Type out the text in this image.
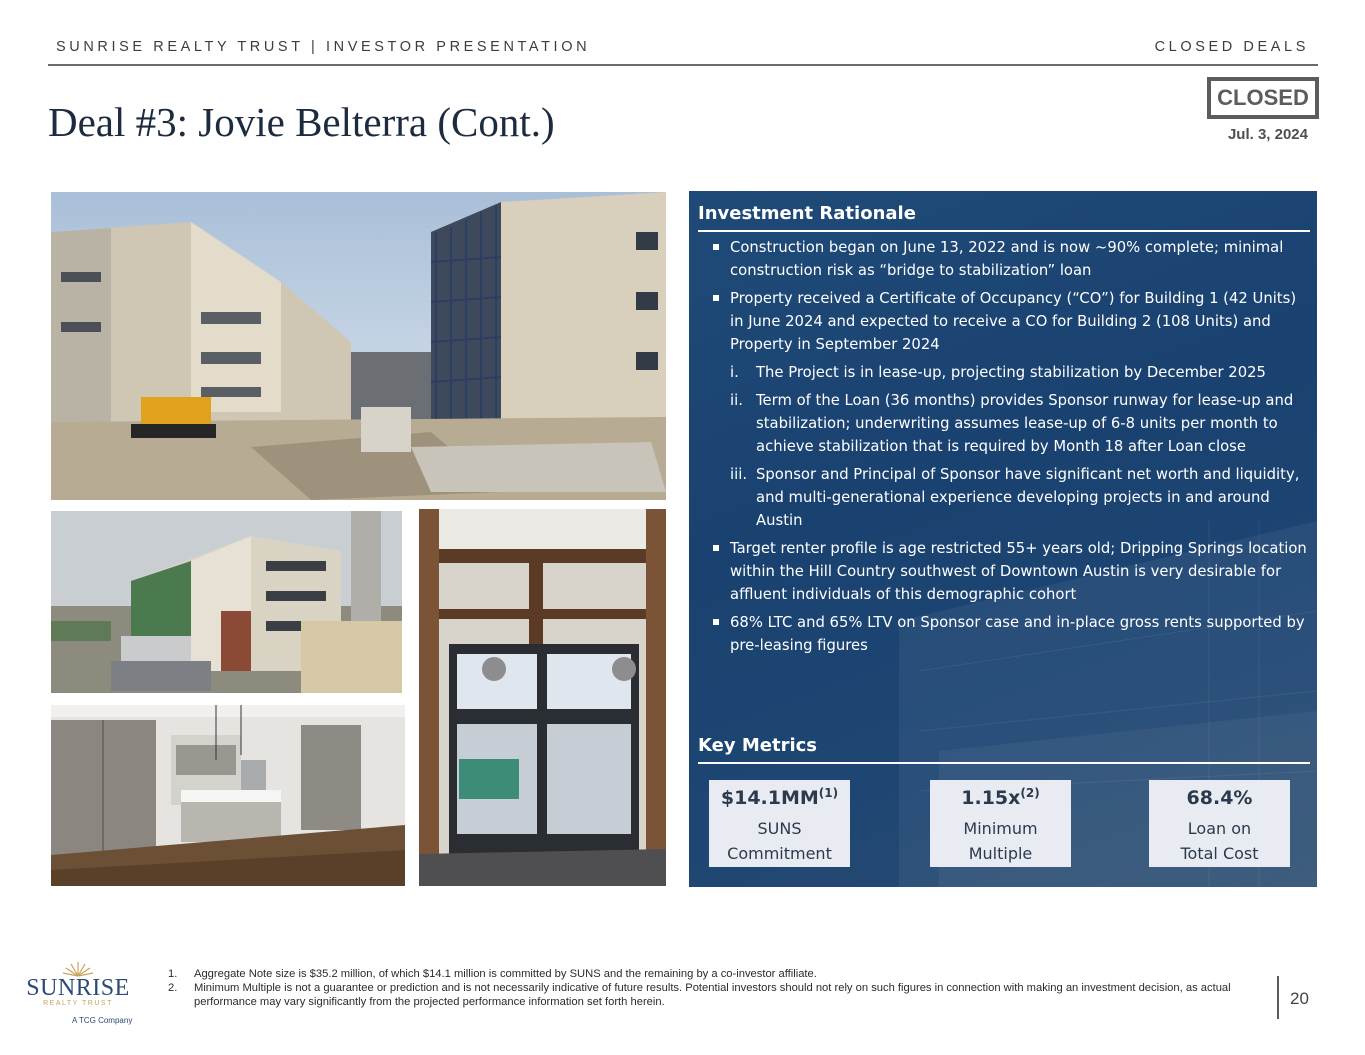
SUNRISE REALTY TRUST | INVESTOR PRESENTATION	CLOSED DEALS
Deal #3: Jovie Belterra (Cont.)
CLOSED
Jul. 3, 2024
Investment Rationale
Construction began on June 13, 2022 and is now ~90% complete; minimal construction risk as “bridge to stabilization” loan
Property received a Certificate of Occupancy (“CO”) for Building 1 (42 Units) in June 2024 and expected to receive a CO for Building 2 (108 Units) and Property in September 2024
i. The Project is in lease-up, projecting stabilization by December 2025
ii. Term of the Loan (36 months) provides Sponsor runway for lease-up and stabilization; underwriting assumes lease-up of 6-8 units per month to achieve stabilization that is required by Month 18 after Loan close
iii. Sponsor and Principal of Sponsor have significant net worth and liquidity, and multi-generational experience developing projects in and around Austin
Target renter profile is age restricted 55+ years old; Dripping Springs location within the Hill Country southwest of Downtown Austin is very desirable for affluent individuals of this demographic cohort
68% LTC and 65% LTV on Sponsor case and in-place gross rents supported by pre-leasing figures
Key Metrics
$14.1MM$^{(1)}$
SUNS
Commitment
$1.15x^{(2)}$
Minimum
Multiple
68.4%
Loan on
Total Cost
SUNRISE
REALTY TRUST
A TCG Company
1. Aggregate Note size is $35.2 million, of which $14.1 million is committed by SUNS and the remaining by a co-investor affiliate.
2. Minimum Multiple is not a guarantee or prediction and is not necessarily indicative of future results. Potential investors should not rely on such figures in connection with making an investment decision, as actual performance may vary significantly from the projected performance information set forth herein.	20
